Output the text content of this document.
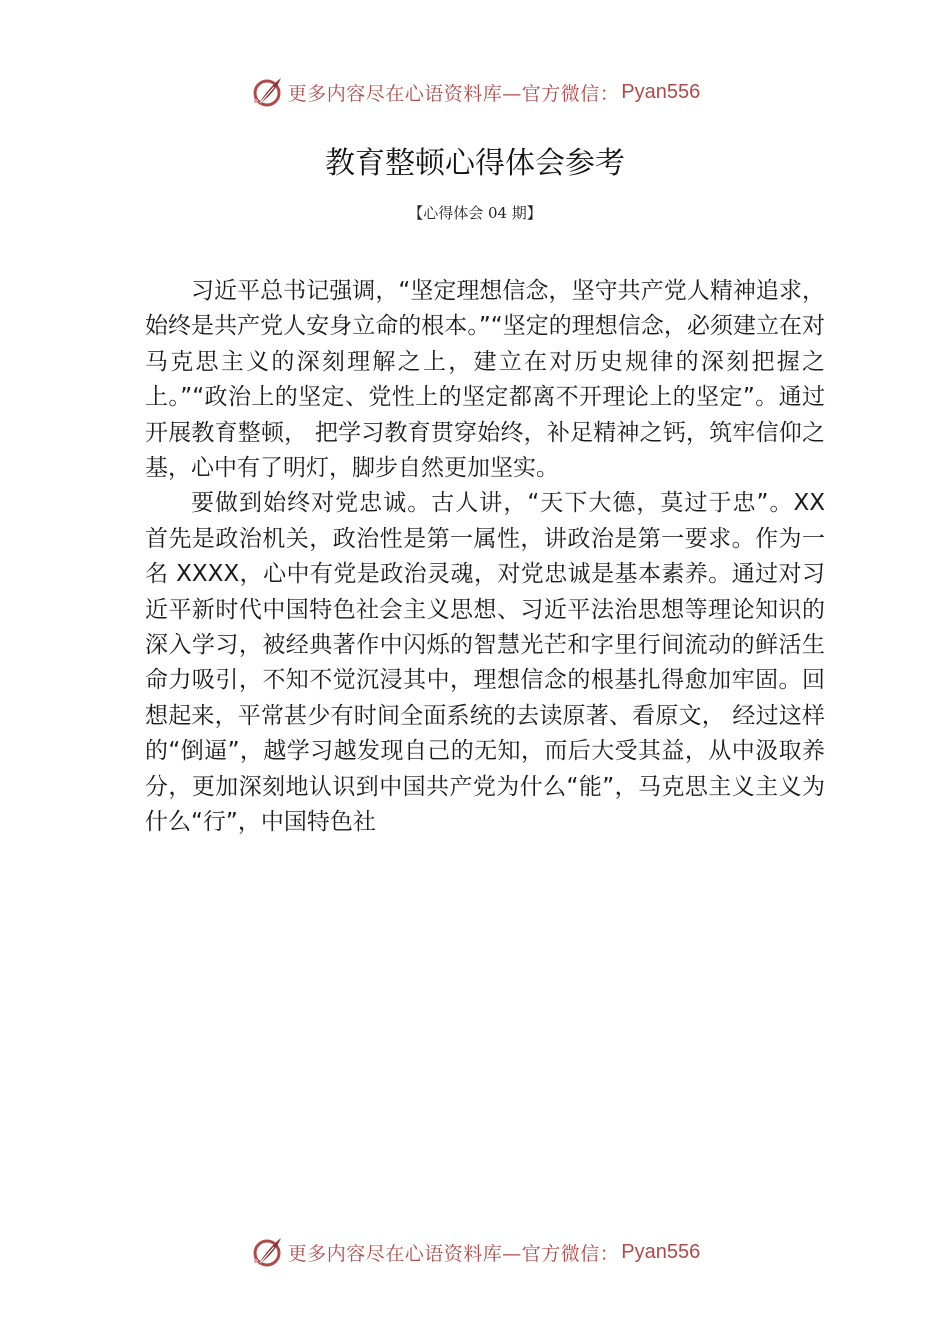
更多内容尽在心语资料库—官方微信： Pyan556
教育整顿心得体会参考
【心得体会 04 期】

习近平总书记强调，“坚定理想信念，坚守共产党人精神追求，始终是共产党人安身立命的根本。”“坚定的理想信念，必须建立在对马克思主义的深刻理解之上，建立在对历史规律的深刻把握之上。”“政治上的坚定、党性上的坚定都离不开理论上的坚定”。通过开展教育整顿， 把学习教育贯穿始终，补足精神之钙，筑牢信仰之基，心中有了明灯，脚步自然更加坚实。

要做到始终对党忠诚。古人讲，“天下大德，莫过于忠”。XX 首先是政治机关，政治性是第一属性，讲政治是第一要求。作为一名 XXXX，心中有党是政治灵魂，对党忠诚是基本素养。通过对习近平新时代中国特色社会主义思想、习近平法治思想等理论知识的深入学习，被经典著作中闪烁的智慧光芒和字里行间流动的鲜活生命力吸引，不知不觉沉浸其中，理想信念的根基扎得愈加牢固。回想起来，平常甚少有时间全面系统的去读原著、看原文， 经过这样的“倒逼”，越学习越发现自己的无知，而后大受其益，从中汲取养分，更加深刻地认识到中国共产党为什么“能”，马克思主义主义为什么“行”，中国特色社

更多内容尽在心语资料库—官方微信： Pyan556
